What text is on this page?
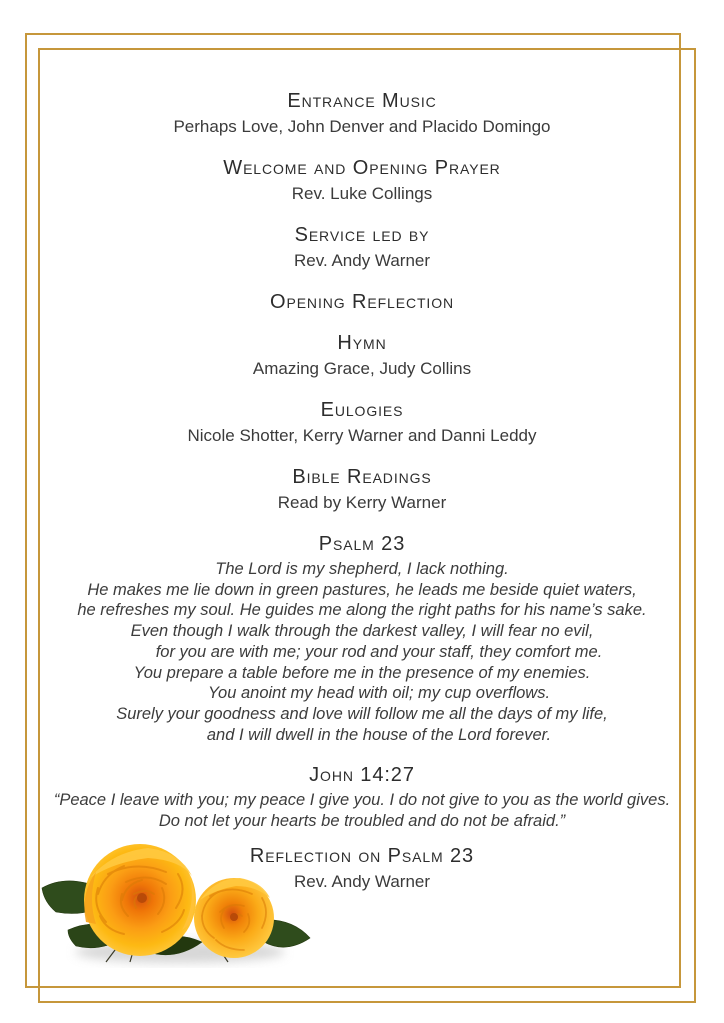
Entrance Music
Perhaps Love, John Denver and Placido Domingo
Welcome and Opening Prayer
Rev. Luke Collings
Service led by
Rev. Andy Warner
Opening Reflection
Hymn
Amazing Grace, Judy Collins
Eulogies
Nicole Shotter, Kerry Warner and Danni Leddy
Bible Readings
Read by Kerry Warner
Psalm 23
The Lord is my shepherd, I lack nothing.
He makes me lie down in green pastures, he leads me beside quiet waters,
he refreshes my soul. He guides me along the right paths for his name’s sake.
Even though I walk through the darkest valley, I will fear no evil,
for you are with me; your rod and your staff, they comfort me.
You prepare a table before me in the presence of my enemies.
You anoint my head with oil; my cup overflows.
Surely your goodness and love will follow me all the days of my life,
and I will dwell in the house of the Lord forever.
John 14:27
“Peace I leave with you; my peace I give you. I do not give to you as the world gives.
Do not let your hearts be troubled and do not be afraid.”
Reflection on Psalm 23
Rev. Andy Warner
